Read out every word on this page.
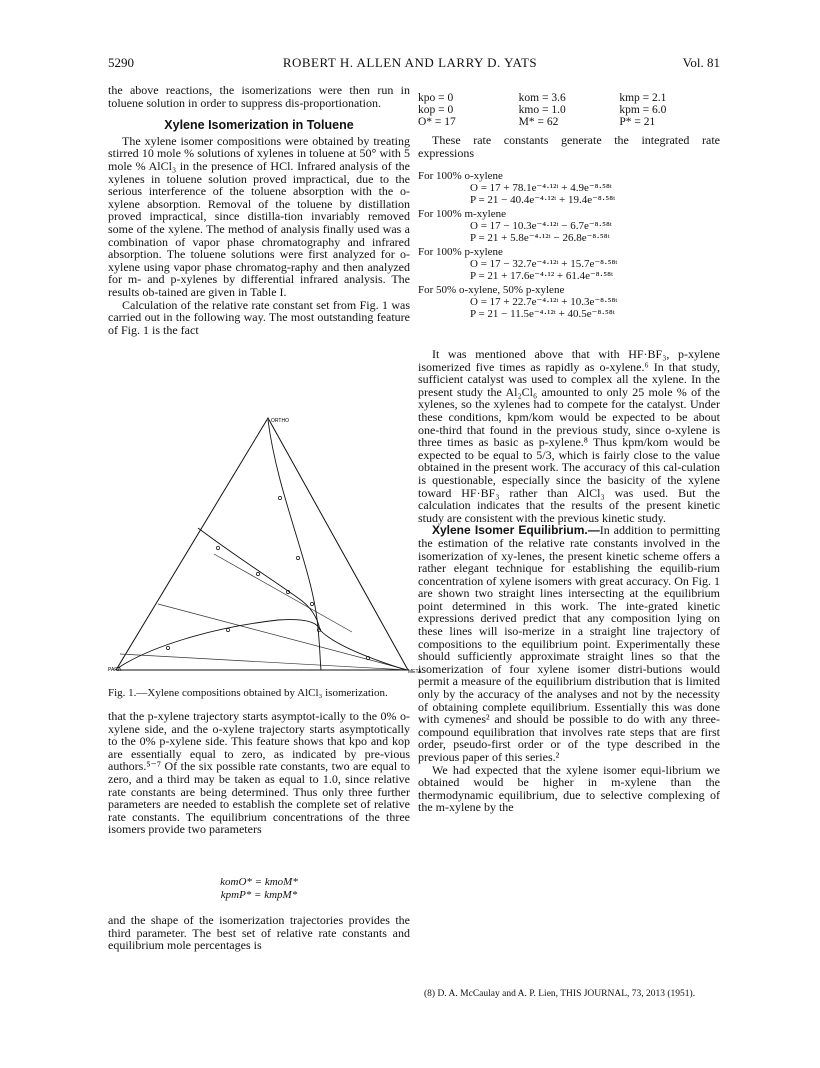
5290	ROBERT H. ALLEN AND LARRY D. YATS	Vol. 81

the above reactions, the isomerizations were then run in toluene solution in order to suppress dis-proportionation.

Xylene Isomerization in Toluene

The xylene isomer compositions were obtained by treating stirred 10 mole % solutions of xylenes in toluene at 50° with 5 mole % AlCl₃ in the presence of HCl. Infrared analysis of the xylenes in toluene solution proved impractical, due to the serious interference of the toluene absorption with the o-xylene absorption. Removal of the toluene by distillation proved impractical, since distilla-tion invariably removed some of the xylene. The method of analysis finally used was a combination of vapor phase chromatography and infrared absorption. The toluene solutions were first analyzed for o-xylene using vapor phase chromatog-raphy and then analyzed for m- and p-xylenes by differential infrared analysis. The results ob-tained are given in Table I.

Calculation of the relative rate constant set from Fig. 1 was carried out in the following way. The most outstanding feature of Fig. 1 is the fact

ORTHO
PARA	META
Fig. 1.—Xylene compositions obtained by AlCl₃ isomerization.

that the p-xylene trajectory starts asymptot-ically to the 0% o-xylene side, and the o-xylene trajectory starts asymptotically to the 0% p-xylene side. This feature shows that kpo and kop are essentially equal to zero, as indicated by pre-vious authors.⁵⁻⁷ Of the six possible rate constants, two are equal to zero, and a third may be taken as equal to 1.0, since relative rate constants are being determined. Thus only three further parameters are needed to establish the complete set of relative rate constants. The equilibrium concentrations of the three isomers provide two parameters

komO* = kmoM*
kpmP* = kmpM*

and the shape of the isomerization trajectories provides the third parameter. The best set of relative rate constants and equilibrium mole percentages is

kpo = 0	kom = 3.6	kmp = 2.1
kop = 0	kmo = 1.0	kpm = 6.0
O* = 17	M* = 62	P* = 21

These rate constants generate the integrated rate expressions

For 100% o-xylene
O = 17 + 78.1e⁻⁴·¹²ᵗ + 4.9e⁻⁸·⁵⁸ᵗ
P = 21 − 40.4e⁻⁴·¹²ᵗ + 19.4e⁻⁸·⁵⁸ᵗ
For 100% m-xylene
O = 17 − 10.3e⁻⁴·¹²ᵗ − 6.7e⁻⁸·⁵⁸ᵗ
P = 21 + 5.8e⁻⁴·¹²ᵗ − 26.8e⁻⁸·⁵⁸ᵗ
For 100% p-xylene
O = 17 − 32.7e⁻⁴·¹²ᵗ + 15.7e⁻⁸·⁵⁸ᵗ
P = 21 + 17.6e⁻⁴·¹² + 61.4e⁻⁸·⁵⁸ᵗ
For 50% o-xylene, 50% p-xylene
O = 17 + 22.7e⁻⁴·¹²ᵗ + 10.3e⁻⁸·⁵⁸ᵗ
P = 21 − 11.5e⁻⁴·¹²ᵗ + 40.5e⁻⁸·⁵⁸ᵗ

It was mentioned above that with HF·BF₃, p-xylene isomerized five times as rapidly as o-xylene.⁶ In that study, sufficient catalyst was used to complex all the xylene. In the present study the Al₂Cl₆ amounted to only 25 mole % of the xylenes, so the xylenes had to compete for the catalyst. Under these conditions, kpm/kom would be expected to be about one-third that found in the previous study, since o-xylene is three times as basic as p-xylene.⁸ Thus kpm/kom would be expected to be equal to 5/3, which is fairly close to the value obtained in the present work. The accuracy of this cal-culation is questionable, especially since the basicity of the xylene toward HF·BF₃ rather than AlCl₃ was used. But the calculation indicates that the results of the present kinetic study are consistent with the previous kinetic study.

Xylene Isomer Equilibrium.—In addition to permitting the estimation of the relative rate constants involved in the isomerization of xy-lenes, the present kinetic scheme offers a rather elegant technique for establishing the equilib-rium concentration of xylene isomers with great accuracy. On Fig. 1 are shown two straight lines intersecting at the equilibrium point determined in this work. The inte-grated kinetic expressions derived predict that any composition lying on these lines will iso-merize in a straight line trajectory of compositions to the equilibrium point. Experimentally these should sufficiently approximate straight lines so that the isomerization of four xylene isomer distri-butions would permit a measure of the equilibrium distribution that is limited only by the accuracy of the analyses and not by the necessity of obtaining complete equilibrium. Essentially this was done with cymenes² and should be possible to do with any three-compound equilibration that involves rate steps that are first order, pseudo-first order or of the type described in the previous paper of this series.²

We had expected that the xylene isomer equi-librium we obtained would be higher in m-xylene than the thermodynamic equilibrium, due to selective complexing of the m-xylene by the

(8) D. A. McCaulay and A. P. Lien, THIS JOURNAL, 73, 2013 (1951).
